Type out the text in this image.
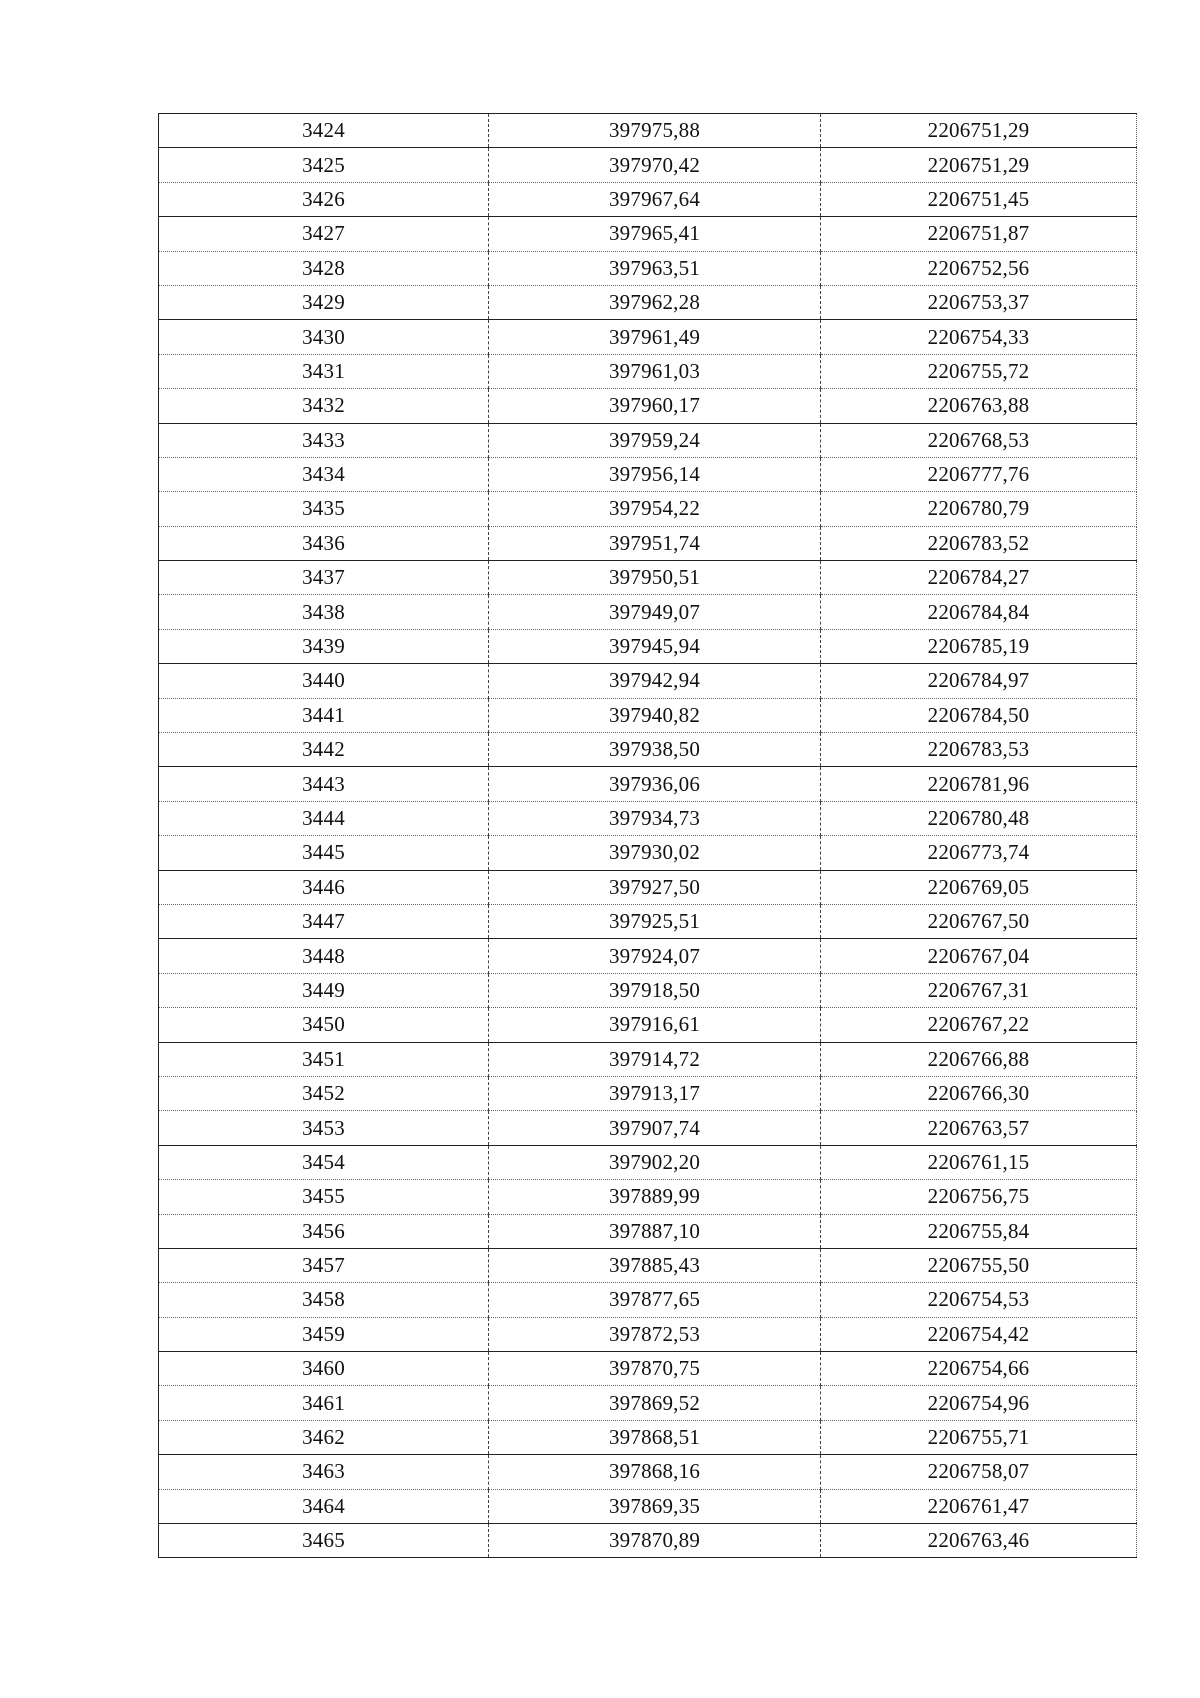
3424	397975,88	2206751,29
3425	397970,42	2206751,29
3426	397967,64	2206751,45
3427	397965,41	2206751,87
3428	397963,51	2206752,56
3429	397962,28	2206753,37
3430	397961,49	2206754,33
3431	397961,03	2206755,72
3432	397960,17	2206763,88
3433	397959,24	2206768,53
3434	397956,14	2206777,76
3435	397954,22	2206780,79
3436	397951,74	2206783,52
3437	397950,51	2206784,27
3438	397949,07	2206784,84
3439	397945,94	2206785,19
3440	397942,94	2206784,97
3441	397940,82	2206784,50
3442	397938,50	2206783,53
3443	397936,06	2206781,96
3444	397934,73	2206780,48
3445	397930,02	2206773,74
3446	397927,50	2206769,05
3447	397925,51	2206767,50
3448	397924,07	2206767,04
3449	397918,50	2206767,31
3450	397916,61	2206767,22
3451	397914,72	2206766,88
3452	397913,17	2206766,30
3453	397907,74	2206763,57
3454	397902,20	2206761,15
3455	397889,99	2206756,75
3456	397887,10	2206755,84
3457	397885,43	2206755,50
3458	397877,65	2206754,53
3459	397872,53	2206754,42
3460	397870,75	2206754,66
3461	397869,52	2206754,96
3462	397868,51	2206755,71
3463	397868,16	2206758,07
3464	397869,35	2206761,47
3465	397870,89	2206763,46
